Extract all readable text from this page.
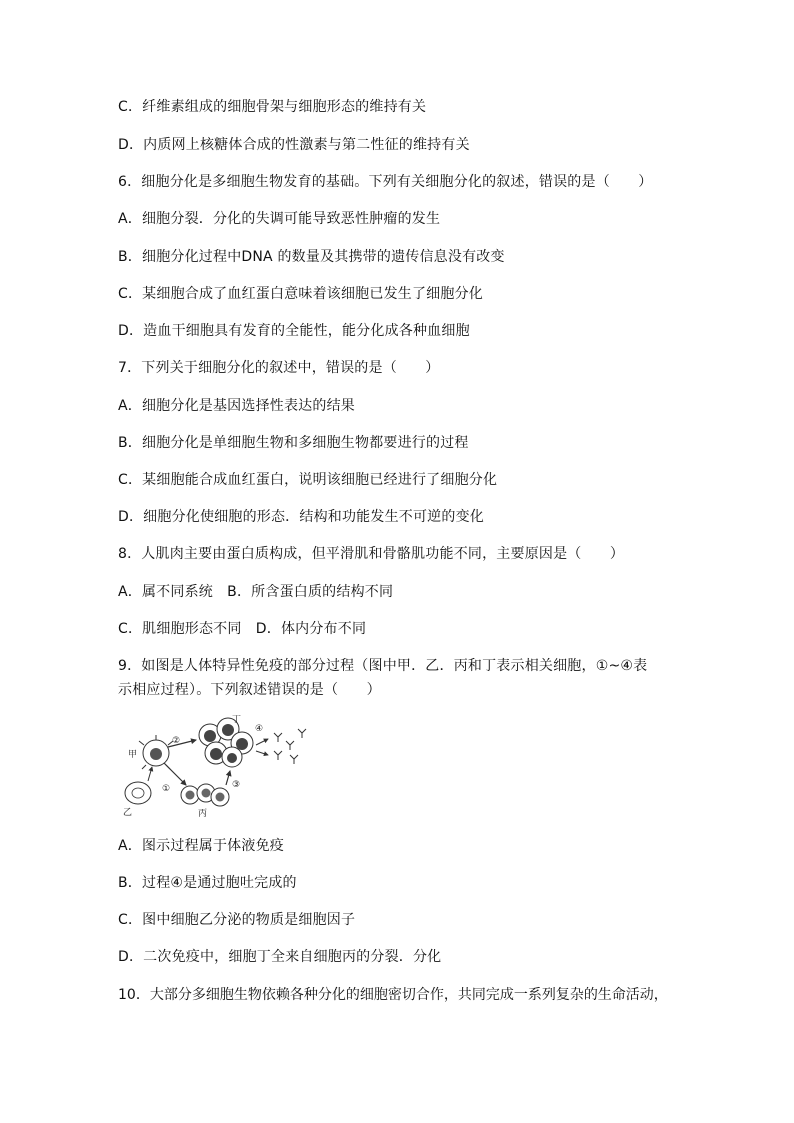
C．纤维素组成的细胞骨架与细胞形态的维持有关
D．内质网上核糖体合成的性激素与第二性征的维持有关
6．细胞分化是多细胞生物发育的基础。下列有关细胞分化的叙述，错误的是（　　）
A．细胞分裂．分化的失调可能导致恶性肿瘤的发生
B．细胞分化过程中DNA 的数量及其携带的遗传信息没有改变
C．某细胞合成了血红蛋白意味着该细胞已发生了细胞分化
D．造血干细胞具有发育的全能性，能分化成各种血细胞
7．下列关于细胞分化的叙述中，错误的是（　　）
A．细胞分化是基因选择性表达的结果
B．细胞分化是单细胞生物和多细胞生物都要进行的过程
C．某细胞能合成血红蛋白，说明该细胞已经进行了细胞分化
D．细胞分化使细胞的形态．结构和功能发生不可逆的变化
8．人肌肉主要由蛋白质构成，但平滑肌和骨骼肌功能不同，主要原因是（　　）
A．属不同系统　B．所含蛋白质的结构不同
C．肌细胞形态不同　D．体内分布不同
9．如图是人体特异性免疫的部分过程（图中甲．乙．丙和丁表示相关细胞，①~④表
示相应过程）。下列叙述错误的是（　　）
甲
乙
②
①
丙
③
丁
④
A．图示过程属于体液免疫
B．过程④是通过胞吐完成的
C．图中细胞乙分泌的物质是细胞因子
D．二次免疫中，细胞丁全来自细胞丙的分裂．分化
10．大部分多细胞生物依赖各种分化的细胞密切合作，共同完成一系列复杂的生命活动，
